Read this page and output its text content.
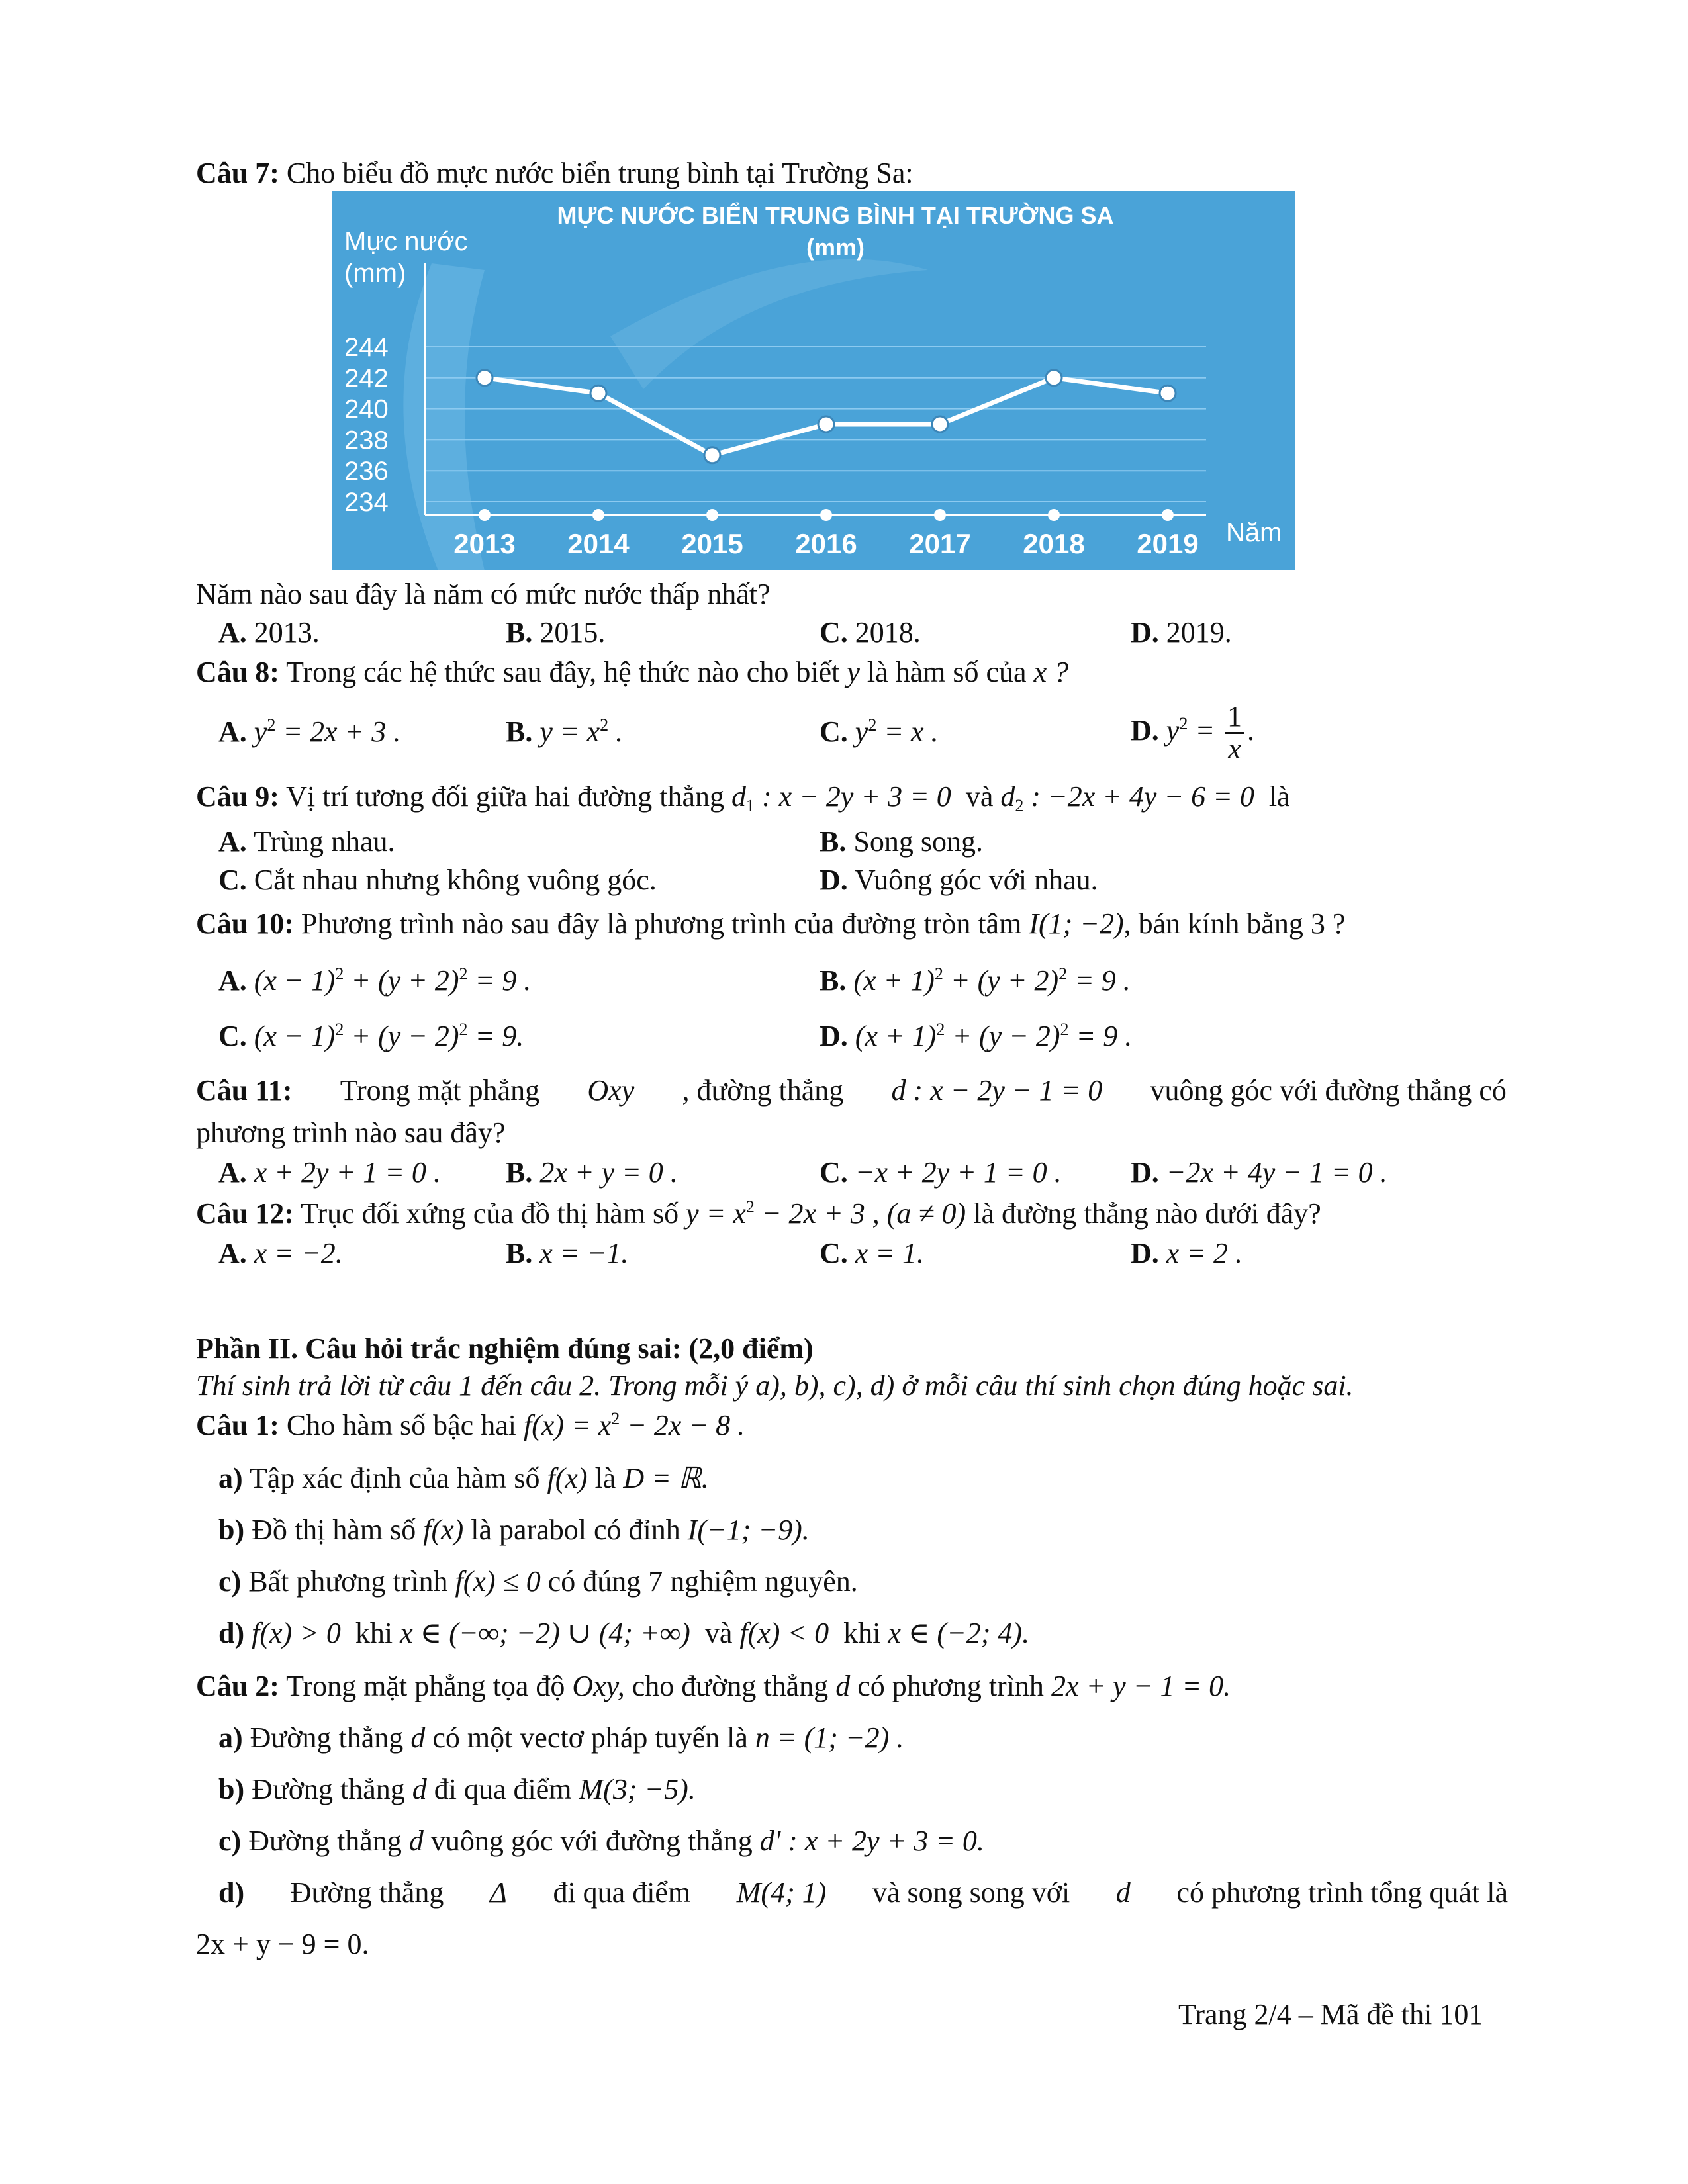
Câu 7: Cho biểu đồ mực nước biển trung bình tại Trường Sa:
MỰC NƯỚC BIỂN TRUNG BÌNH TẠI TRƯỜNG SA
(mm)
Mực nước
(mm)
Năm
244
242
240
238
236
234
2013 2014 2015 2016 2017 2018 2019
Năm nào sau đây là năm có mức nước thấp nhất?
A. 2013.	B. 2015.	C. 2018.	D. 2019.
Câu 8: Trong các hệ thức sau đây, hệ thức nào cho biết y là hàm số của x ?
A. $y^2 = 2x + 3$ .	B. $y = x^2$ .	C. $y^2 = x$ .	D. $y^2 = \frac{1}{x}$ .
Câu 9: Vị trí tương đối giữa hai đường thẳng $d_1$ : x − 2y + 3 = 0 và $d_2$ : −2x + 4y − 6 = 0 là
A. Trùng nhau.	B. Song song.
C. Cắt nhau nhưng không vuông góc.	D. Vuông góc với nhau.
Câu 10: Phương trình nào sau đây là phương trình của đường tròn tâm I(1; −2), bán kính bằng 3 ?
A. $(x - 1)^2 + (y + 2)^2 = 9$ .	B. $(x + 1)^2 + (y + 2)^2 = 9$ .
C. $(x - 1)^2 + (y - 2)^2 = 9$.	D. $(x + 1)^2 + (y - 2)^2 = 9$ .
Câu 11: Trong mặt phẳng Oxy , đường thẳng d : x − 2y − 1 = 0 vuông góc với đường thẳng có
phương trình nào sau đây?
A. x + 2y + 1 = 0 . B. 2x + y = 0 .	C. −x + 2y + 1 = 0 . D. −2x + 4y − 1 = 0 .
Câu 12: Trục đối xứng của đồ thị hàm số $y = x^2 - 2x + 3$ , (a ≠ 0) là đường thẳng nào dưới đây?
A. x = −2.	B. x = −1.	C. x = 1.	D. x = 2 .
Phần II. Câu hỏi trắc nghiệm đúng sai: (2,0 điểm)
Thí sinh trả lời từ câu 1 đến câu 2. Trong mỗi ý a), b), c), d) ở mỗi câu thí sinh chọn đúng hoặc sai.
Câu 1: Cho hàm số bậc hai $f(x) = x^2 - 2x - 8$ .
a) Tập xác định của hàm số f(x) là D = ℝ.
b) Đồ thị hàm số f(x) là parabol có đỉnh I(−1; −9).
c) Bất phương trình f(x) ≤ 0 có đúng 7 nghiệm nguyên.
d) f(x) > 0 khi x ∈ (−∞; −2) ∪ (4; +∞) và f(x) < 0 khi x ∈ (−2; 4).
Câu 2: Trong mặt phẳng tọa độ Oxy, cho đường thẳng d có phương trình 2x + y − 1 = 0.
a) Đường thẳng d có một vectơ pháp tuyến là n = (1; −2) .
b) Đường thẳng d đi qua điểm M(3; −5).
c) Đường thẳng d vuông góc với đường thẳng d' : x + 2y + 3 = 0.
d) Đường thẳng Δ đi qua điểm M(4; 1) và song song với d có phương trình tổng quát là
2x + y − 9 = 0.
Trang 2/4 – Mã đề thi 101
